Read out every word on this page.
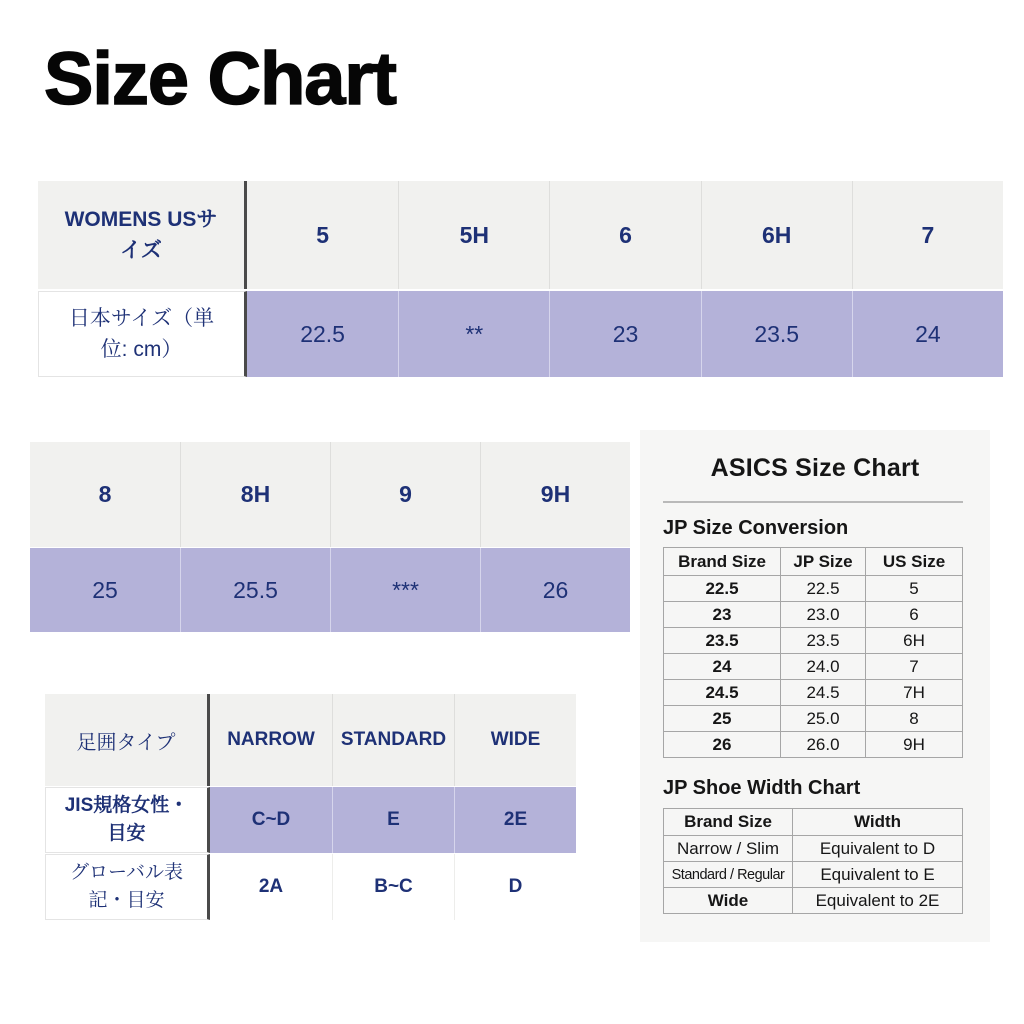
Size Chart
WOMENS USサイズ
5	5H	6	6H	7
日本サイズ（単位: cm）
22.5	**	23	23.5	24
8	8H	9	9H
25	25.5	***	26
足囲タイプ	NARROW	STANDARD	WIDE
JIS規格女性・目安
C~D	E	2E
グローバル表記・目安
2A	B~C	D
ASICS Size Chart
JP Size Conversion
Brand Size	JP Size	US Size
22.5	22.5	5
23	23.0	6
23.5	23.5	6H
24	24.0	7
24.5	24.5	7H
25	25.0	8
26	26.0	9H
JP Shoe Width Chart
Brand Size	Width
Narrow / Slim	Equivalent to D
Standard / Regular	Equivalent to E
Wide	Equivalent to 2E
